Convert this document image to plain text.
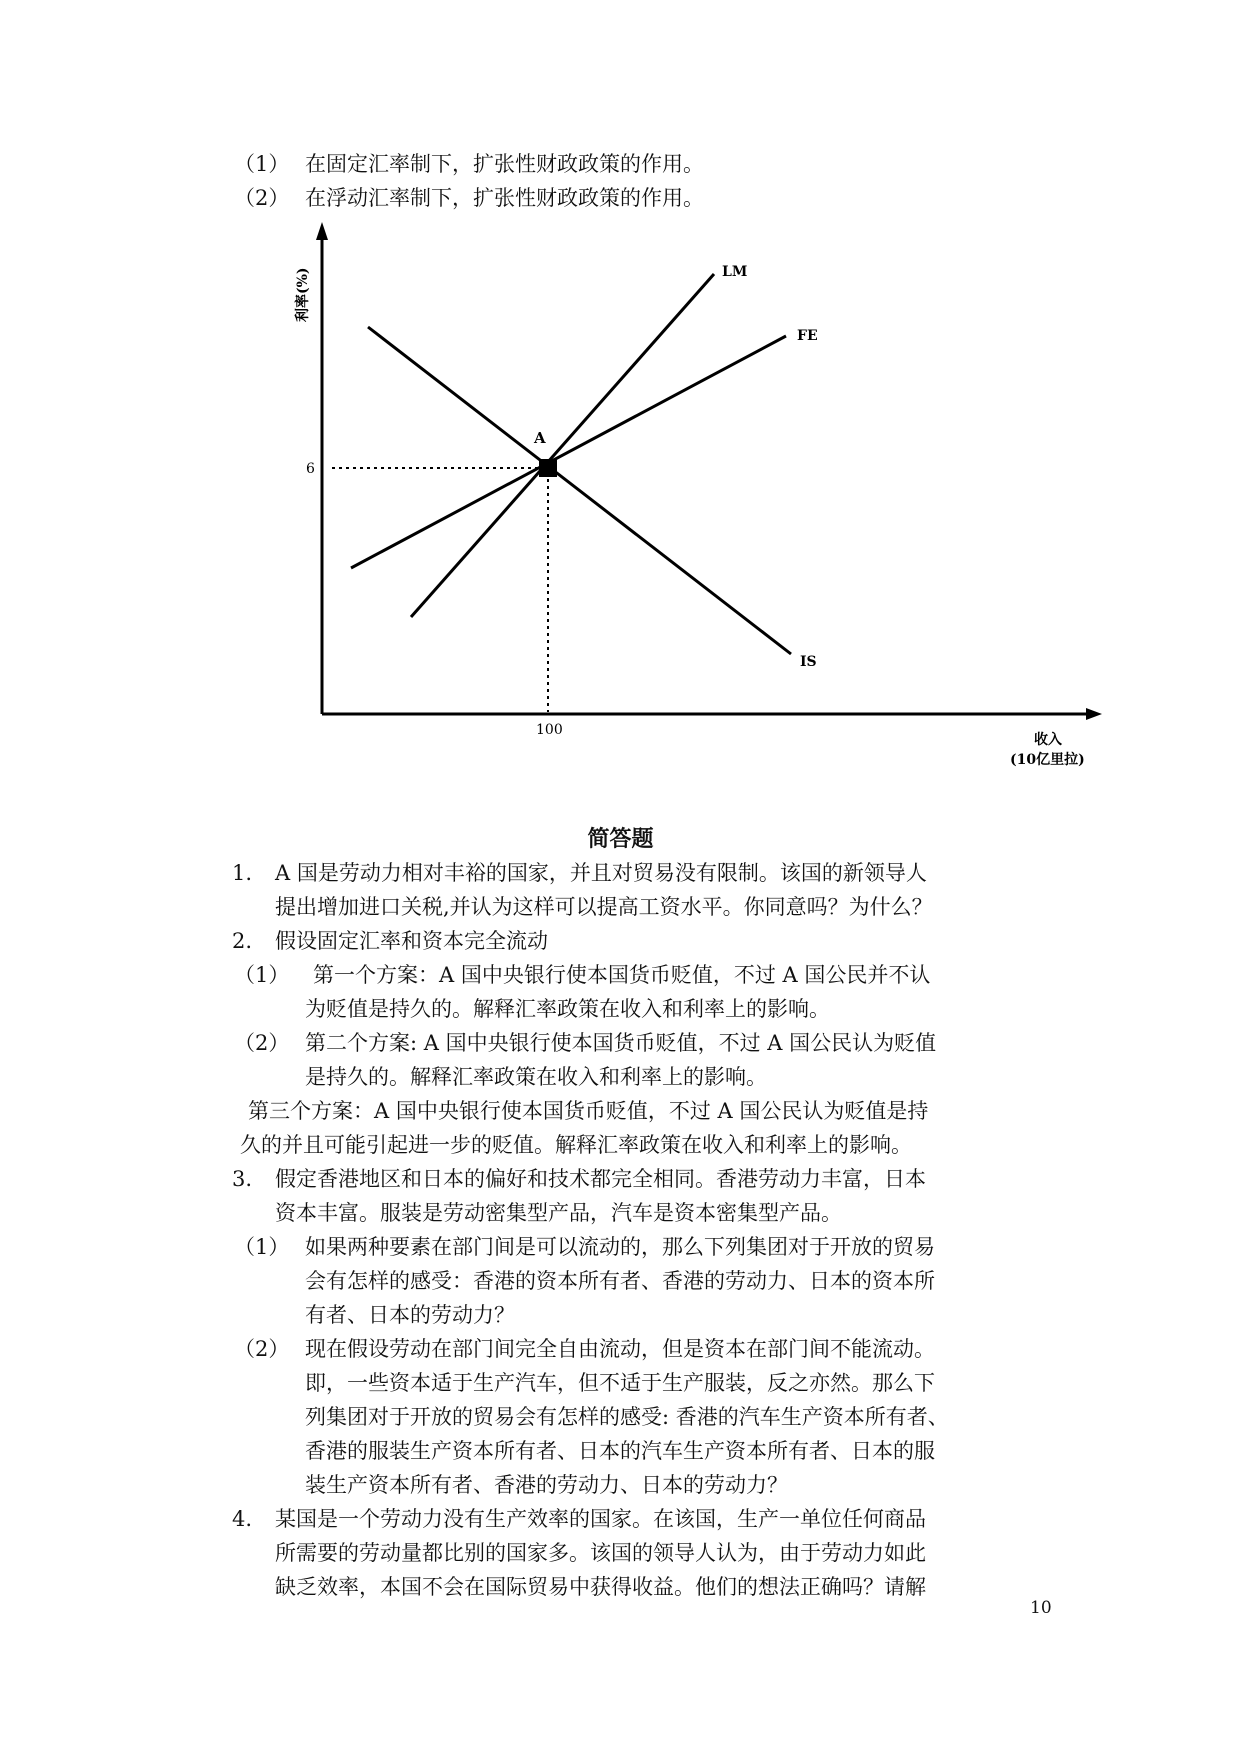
（1） 在固定汇率制下，扩张性财政政策的作用。
（2） 在浮动汇率制下，扩张性财政政策的作用。
A
LM
FE
IS
6
100
利率(%)
收入
(10亿里拉)
简答题
1. A 国是劳动力相对丰裕的国家，并且对贸易没有限制。该国的新领导人
提出增加进口关税,并认为这样可以提高工资水平。你同意吗？为什么？
2. 假设固定汇率和资本完全流动
（1） 第一个方案：A 国中央银行使本国货币贬值，不过 A 国公民并不认
为贬值是持久的。解释汇率政策在收入和利率上的影响。
（2） 第二个方案: A 国中央银行使本国货币贬值，不过 A 国公民认为贬值
是持久的。解释汇率政策在收入和利率上的影响。
第三个方案：A 国中央银行使本国货币贬值，不过 A 国公民认为贬值是持
久的并且可能引起进一步的贬值。解释汇率政策在收入和利率上的影响。
3. 假定香港地区和日本的偏好和技术都完全相同。香港劳动力丰富，日本
资本丰富。服装是劳动密集型产品，汽车是资本密集型产品。
（1） 如果两种要素在部门间是可以流动的，那么下列集团对于开放的贸易
会有怎样的感受：香港的资本所有者、香港的劳动力、日本的资本所
有者、日本的劳动力？
（2） 现在假设劳动在部门间完全自由流动，但是资本在部门间不能流动。
即，一些资本适于生产汽车，但不适于生产服装，反之亦然。那么下
列集团对于开放的贸易会有怎样的感受: 香港的汽车生产资本所有者、
香港的服装生产资本所有者、日本的汽车生产资本所有者、日本的服
装生产资本所有者、香港的劳动力、日本的劳动力？
4. 某国是一个劳动力没有生产效率的国家。在该国，生产一单位任何商品
所需要的劳动量都比别的国家多。该国的领导人认为，由于劳动力如此
缺乏效率，本国不会在国际贸易中获得收益。他们的想法正确吗？请解
10
